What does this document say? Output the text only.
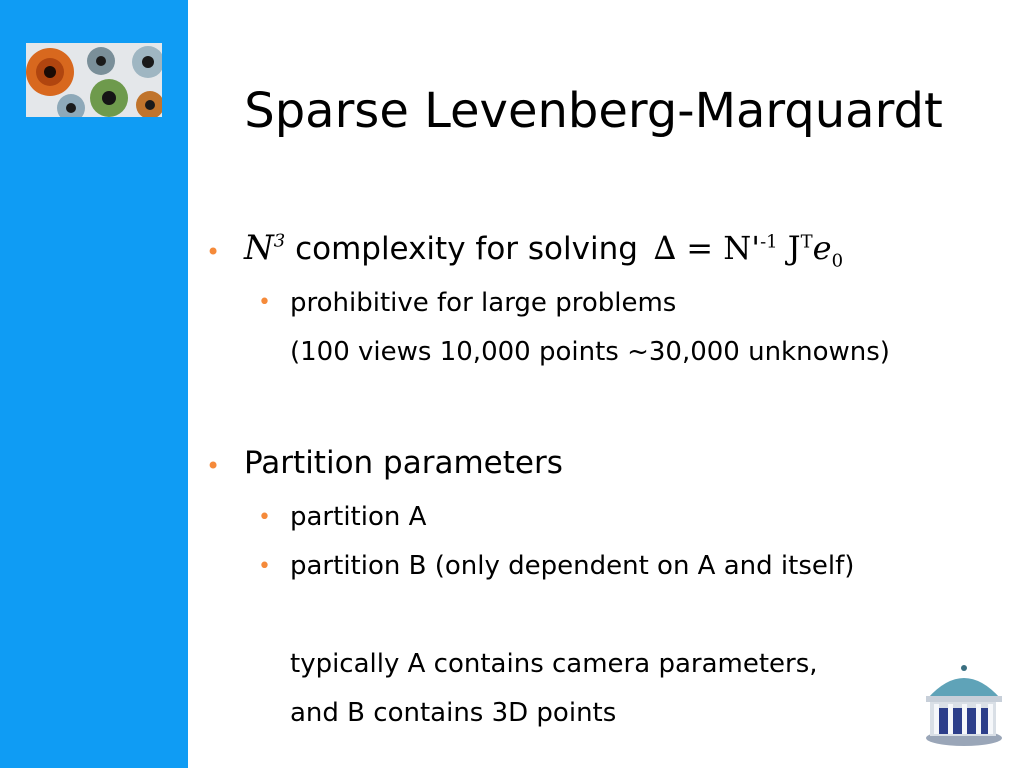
Sparse Levenberg-Marquardt
• $N^3$ complexity for solving ∆ = $N'^{-1}$ $J^Te_0$
• prohibitive for large problems
(100 views 10,000 points ~30,000 unknowns)
• Partition parameters
• partition A
• partition B (only dependent on A and itself)
typically A contains camera parameters,
and B contains 3D points
